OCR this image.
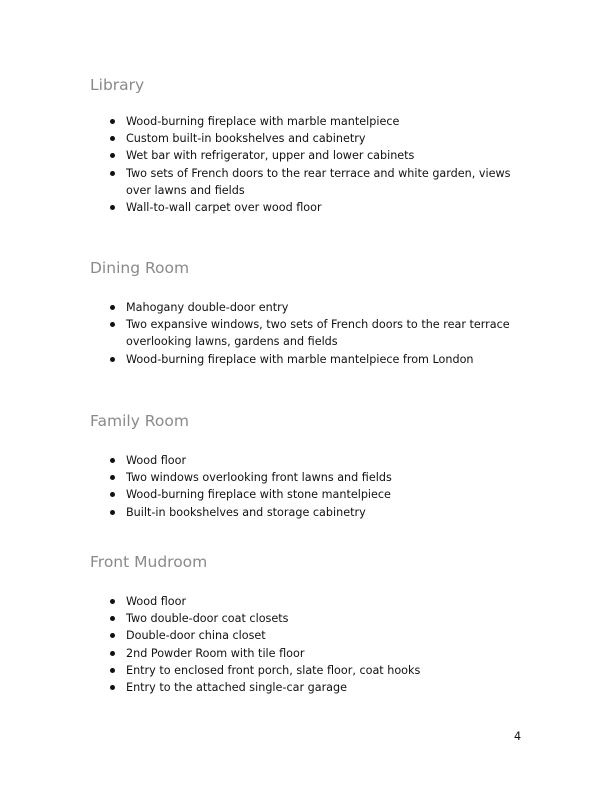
Library
Wood-burning fireplace with marble mantelpiece
Custom built-in bookshelves and cabinetry
Wet bar with refrigerator, upper and lower cabinets
Two sets of French doors to the rear terrace and white garden, views over lawns and fields
Wall-to-wall carpet over wood floor
Dining Room
Mahogany double-door entry
Two expansive windows, two sets of French doors to the rear terrace overlooking lawns, gardens and fields
Wood-burning fireplace with marble mantelpiece from London
Family Room
Wood floor
Two windows overlooking front lawns and fields
Wood-burning fireplace with stone mantelpiece
Built-in bookshelves and storage cabinetry
Front Mudroom
Wood floor
Two double-door coat closets
Double-door china closet
2nd Powder Room with tile floor
Entry to enclosed front porch, slate floor, coat hooks
Entry to the attached single-car garage
4
